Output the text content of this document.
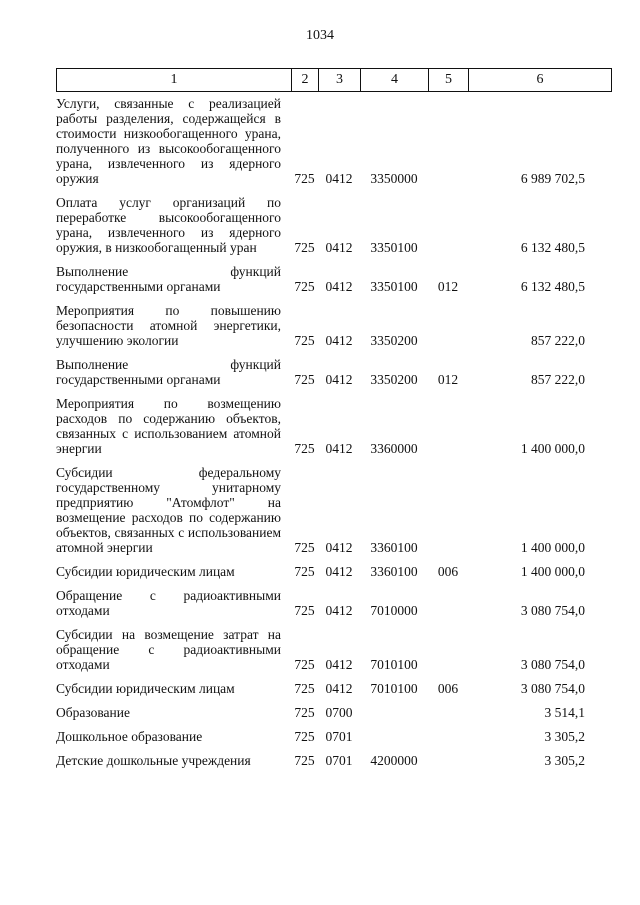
1034
1	2	3	4	5	6
Услуги, связанные с реализацией работы разделения, содержащейся в стоимости низкообогащенного урана, полученного из высокообогащенного урана, извлеченного из ядерного оружия	725	0412	3350000		6 989 702,5
Оплата услуг организаций по переработке высокообогащенного урана, извлеченного из ядерного оружия, в низкообогащенный уран	725	0412	3350100		6 132 480,5
Выполнение функций государственными органами	725	0412	3350100	012	6 132 480,5
Мероприятия по повышению безопасности атомной энергетики, улучшению экологии	725	0412	3350200		857 222,0
Выполнение функций государственными органами	725	0412	3350200	012	857 222,0
Мероприятия по возмещению расходов по содержанию объектов, связанных с использованием атомной энергии	725	0412	3360000		1 400 000,0
Субсидии федеральному государственному унитарному предприятию "Атомфлот" на возмещение расходов по содержанию объектов, связанных с использованием атомной энергии	725	0412	3360100		1 400 000,0
Субсидии юридическим лицам	725	0412	3360100	006	1 400 000,0
Обращение с радиоактивными отходами	725	0412	7010000		3 080 754,0
Субсидии на возмещение затрат на обращение с радиоактивными отходами	725	0412	7010100		3 080 754,0
Субсидии юридическим лицам	725	0412	7010100	006	3 080 754,0
Образование	725	0700			3 514,1
Дошкольное образование	725	0701			3 305,2
Детские дошкольные учреждения	725	0701	4200000		3 305,2
